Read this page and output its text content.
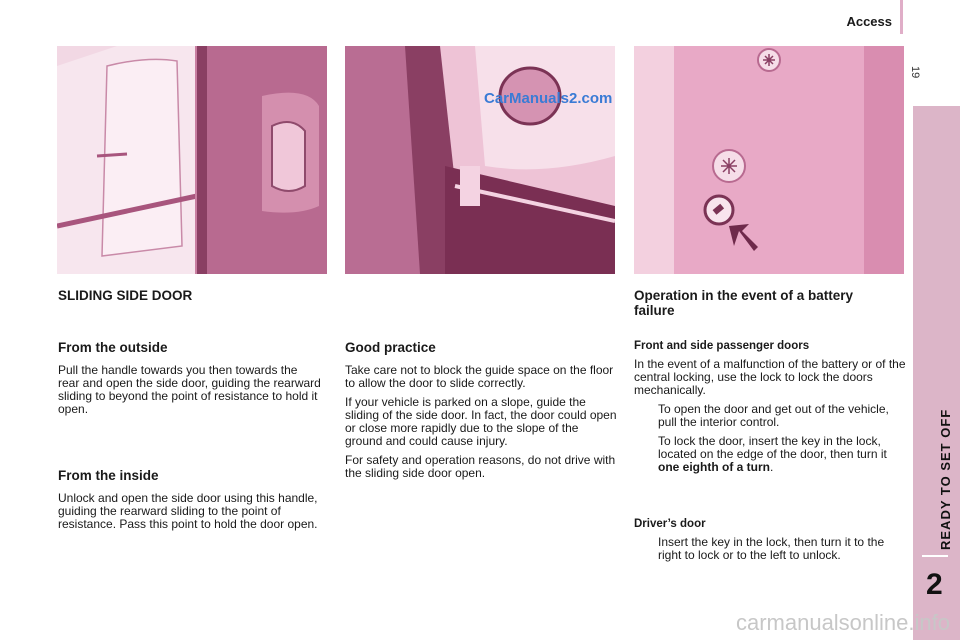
Access
19
READY TO SET OFF
2
CarManuals2.com
SLIDING SIDE DOOR
From the outside

Pull the handle towards you then towards the rear and open the side door, guiding the rearward sliding to beyond the point of resistance to hold it open.

From the inside

Unlock and open the side door using this handle, guiding the rearward sliding to the point of resistance. Pass this point to hold the door open.

Good practice

Take care not to block the guide space on the floor to allow the door to slide correctly.

If your vehicle is parked on a slope, guide the sliding of the side door. In fact, the door could open or close more rapidly due to the slope of the ground and could cause injury.

For safety and operation reasons, do not drive with the sliding side door open.

Operation in the event of a battery failure
Front and side passenger doors

In the event of a malfunction of the battery or of the central locking, use the lock to lock the doors mechanically.

To open the door and get out of the vehicle, pull the interior control.
To lock the door, insert the key in the lock, located on the edge of the door, then turn it one eighth of a turn.
Driver’s door
Insert the key in the lock, then turn it to the right to lock or to the left to unlock.
carmanualsonline.info
